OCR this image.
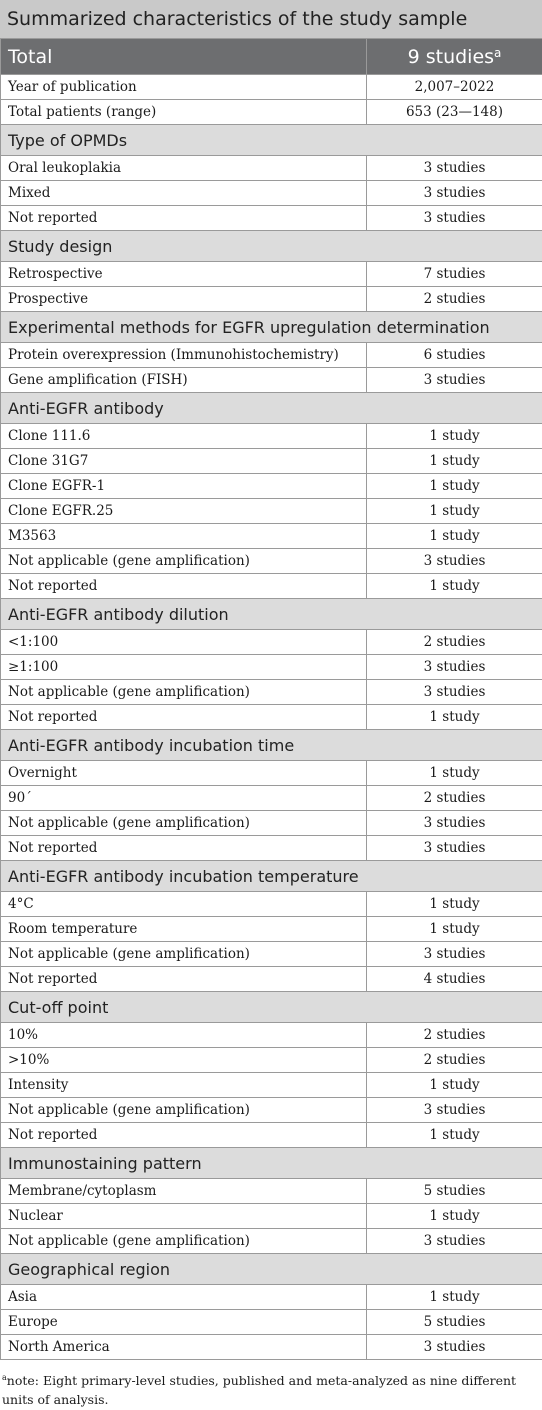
Summarized characteristics of the study sample
Total	9 studies$^a$
Year of publication	2,007–2022
Total patients (range)	653 (23—148)
Type of OPMDs	
Oral leukoplakia	3 studies
Mixed	3 studies
Not reported	3 studies
Study design	
Retrospective	7 studies
Prospective	2 studies
Experimental methods for EGFR upregulation determination	
Protein overexpression (Immunohistochemistry)	6 studies
Gene amplification (FISH)	3 studies
Anti-EGFR antibody	
Clone 111.6	1 study
Clone 31G7	1 study
Clone EGFR-1	1 study
Clone EGFR.25	1 study
M3563	1 study
Not applicable (gene amplification)	3 studies
Not reported	1 study
Anti-EGFR antibody dilution	
<1:100	2 studies
≥1:100	3 studies
Not applicable (gene amplification)	3 studies
Not reported	1 study
Anti-EGFR antibody incubation time	
Overnight	1 study
90´	2 studies
Not applicable (gene amplification)	3 studies
Not reported	3 studies
Anti-EGFR antibody incubation temperature	
4°C	1 study
Room temperature	1 study
Not applicable (gene amplification)	3 studies
Not reported	4 studies
Cut-off point	
10%	2 studies
>10%	2 studies
Intensity	1 study
Not applicable (gene amplification)	3 studies
Not reported	1 study
Immunostaining pattern	
Membrane/cytoplasm	5 studies
Nuclear	1 study
Not applicable (gene amplification)	3 studies
Geographical region	
Asia	1 study
Europe	5 studies
North America	3 studies
$^a$note: Eight primary-level studies, published and meta-analyzed as nine different units of analysis.
